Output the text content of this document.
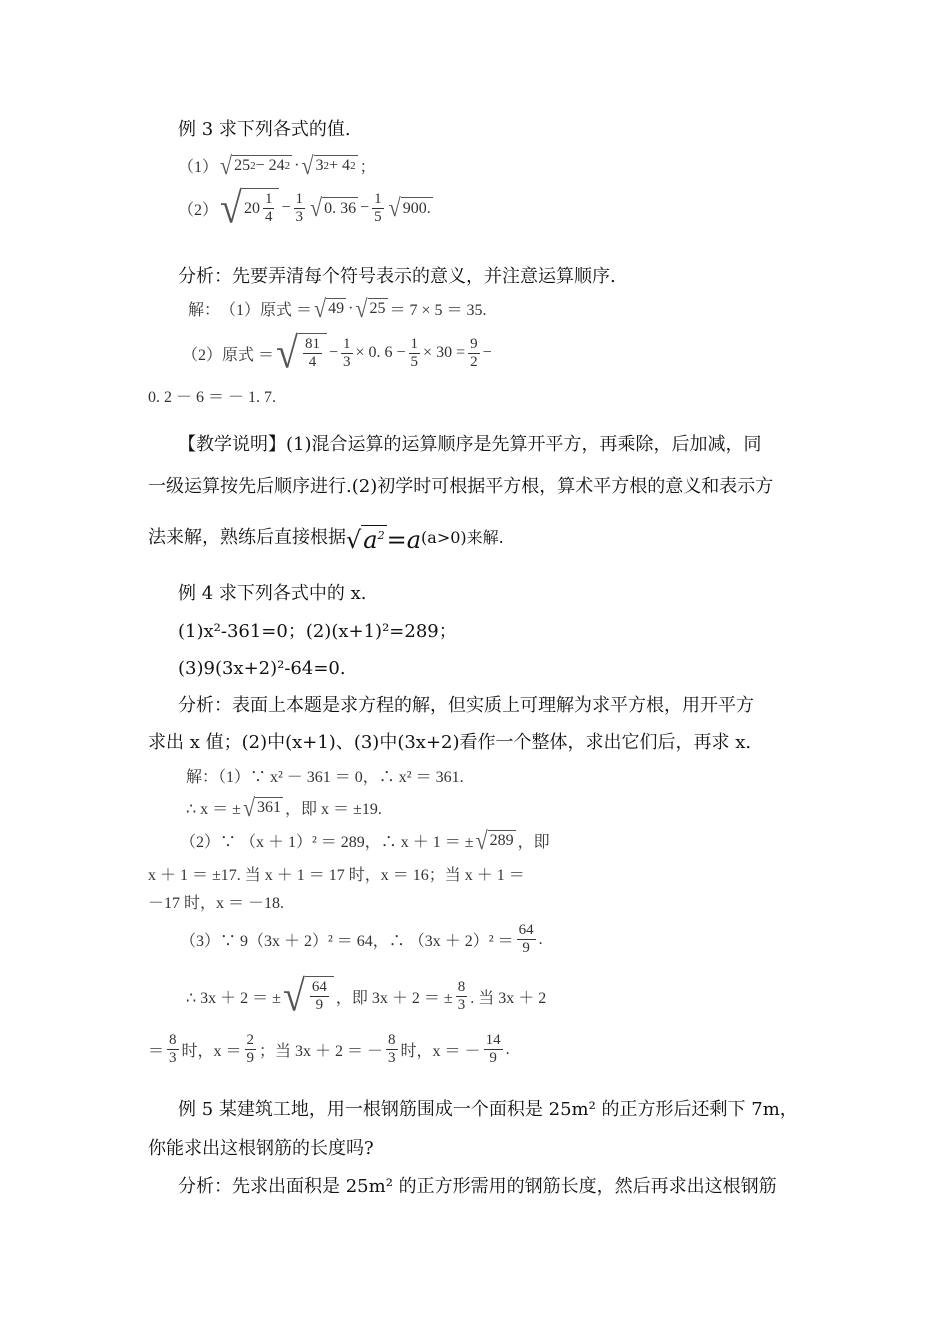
例 3 求下列各式的值.
（1） √ 25 2 − 24 2 · √ 3 2 + 4 2 ；
（2） √ $20 \frac{1}{4} - \frac{1}{3}$ √ 0. $36 - \frac{1}{5}$ √ 900.
分析：先要弄清每个符号表示的意义，并注意运算顺序.
解： （1）原式 ＝ √ 49 · √ 25 ＝ 7 × 5 ＝ 35.
（2）原式 ＝ √ $\frac{81}{4} - \frac{1}{3} \times 0$. $6 - \frac{1}{5} \times 30 = \frac{9}{2}$ −
0. 2 － 6 ＝ － 1. 7.
【教学说明】(1)混合运算的运算顺序是先算开平方，再乘除，后加减，同
一级运算按先后顺序进行.(2)初学时可根据平方根，算术平方根的意义和表示方
法来解，熟练后直接根据 $√a^2=a$ (a>0)来解.
例 4 求下列各式中的 x.
(1)x²-361=0；(2)(x+1)²=289；
(3)9(3x+2)²-64=0.
分析：表面上本题是求方程的解，但实质上可理解为求平方根，用开平方
求出 x 值；(2)中(x+1)、(3)中(3x+2)看作一个整体，求出它们后，再求 x.
解：（1）∵ x² － 361 ＝ 0，∴ x² ＝ 361.
∴ x ＝ ± √ 361 ，即 x ＝ ±19.
（2）∵ （x ＋ 1）² ＝ 289，∴ x ＋ 1 ＝ ± √ 289 ，即
x ＋ 1 ＝ ±17. 当 x ＋ 1 ＝ 17 时，x ＝ 16；当 x ＋ 1 ＝
－17 时，x ＝ －18.
（3）∵ 9（3x ＋ 2）² ＝ 64，∴ $(3x + 2)^2 = \frac{64}{9}$ .
∴ 3x ＋ 2 ＝ ± √ $\frac{64}{9}$ ，即 3x ＋ 2 ＝ ± $\frac{8}{3}$ . 当 3x ＋ 2
＝ $\frac{8}{3}$ 时，$x = \frac{2}{9}$ ；当 3x ＋ 2 ＝ － $\frac{8}{3}$ 时，x ＝ － $\frac{14}{9}$ .
例 5 某建筑工地，用一根钢筋围成一个面积是 25m² 的正方形后还剩下 7m，
你能求出这根钢筋的长度吗?
分析：先求出面积是 25m² 的正方形需用的钢筋长度，然后再求出这根钢筋
